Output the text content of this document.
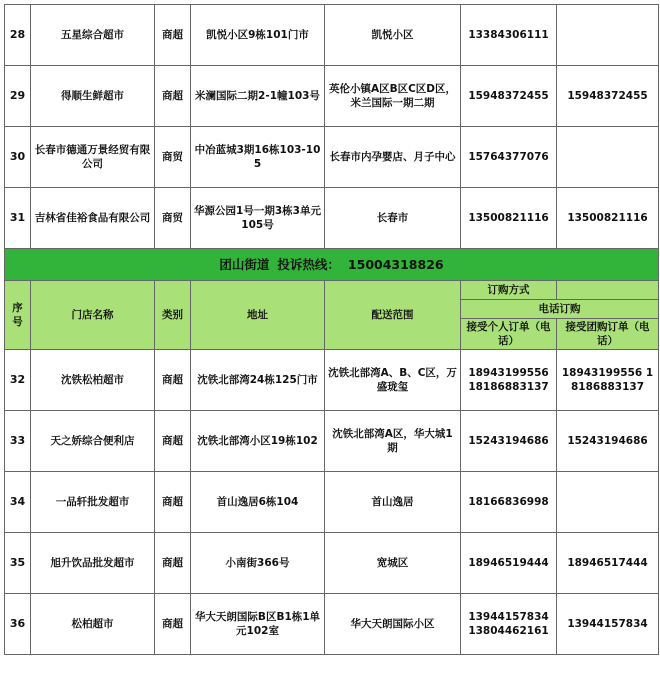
28	五星综合超市	商超	凯悦小区9栋101门市	凯悦小区	13384306111	
29	得顺生鲜超市	商超	米澜国际二期2-1幢103号	英伦小镇A区B区C区D区，米兰国际一期二期	15948372455	15948372455
30	长春市德通万景经贸有限公司	商贸	中冶蓝城3期16栋103-105	长春市内孕婴店、月子中心	15764377076	
31	吉林省佳裕食品有限公司	商贸	华源公园1号一期3栋3单元105号	长春市	13500821116	13500821116
团山街道 投诉热线： 15004318826						
序号	门店名称	类别	地址	配送范围	订购方式	
					电话订购	
					接受个人订单（电话）	接受团购订单（电话）
32	沈铁松柏超市	商超	沈铁北部湾24栋125门市	沈铁北部湾A、B、C区，万盛珑玺	18943199556 18186883137	18943199556 18186883137
33	天之娇综合便利店	商超	沈铁北部湾小区19栋102	沈铁北部湾A区，华大城1期	15243194686	15243194686
34	一品轩批发超市	商超	首山逸居6栋104	首山逸居	18166836998	
35	旭升饮品批发超市	商超	小南街366号	宽城区	18946519444	18946517444
36	松柏超市	商超	华大天朗国际B区B1栋1单元102室	华大天朗国际小区	13944157834 13804462161	13944157834
